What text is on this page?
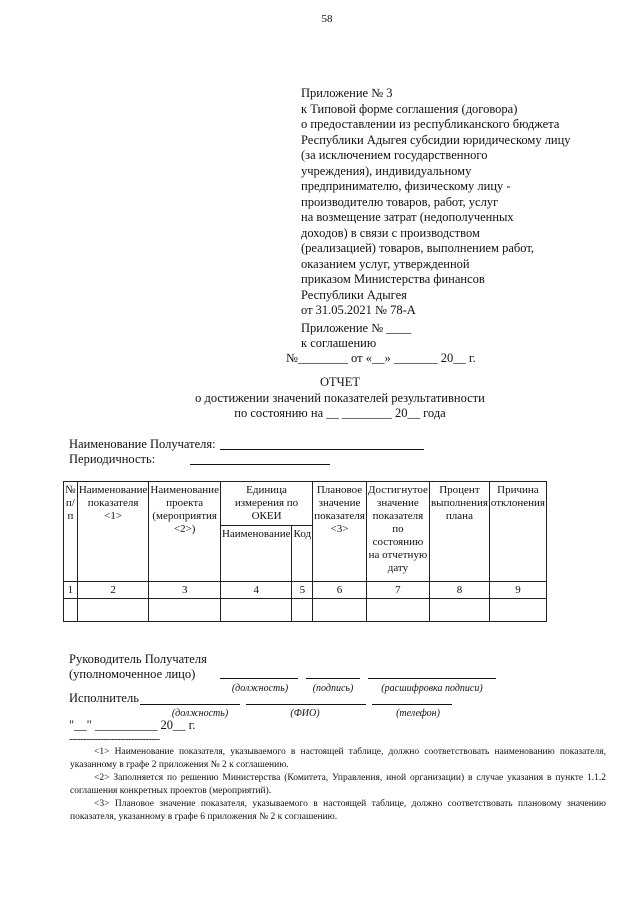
58
Приложение № 3
к Типовой форме соглашения (договора)
о предоставлении из республиканского бюджета
Республики Адыгея субсидии юридическому лицу
(за исключением государственного
учреждения), индивидуальному
предпринимателю, физическому лицу -
производителю товаров, работ, услуг
на возмещение затрат (недополученных
доходов) в связи с производством
(реализацией) товаров, выполнением работ,
оказанием услуг, утвержденной
приказом Министерства финансов
Республики Адыгея
от 31.05.2021 № 78-А
Приложение № ____
к соглашению
№________ от «__» _______ 20__ г.
ОТЧЕТ
о достижении значений показателей результативности
по состоянию на __ ________ 20__ года
Наименование Получателя:
Периодичность:
№ п/п	Наименование показателя <1>	Наименование проекта (мероприятия <2>)	Единица измерения по ОКЕИ		Плановое значение показателя <3>	Достигнутое значение показателя по состоянию на отчетную дату	Процент выполнения плана	Причина отклонения
			Наименование	Код				
1	2	3	4	5	6	7	8	9

Руководитель Получателя
(уполномоченное лицо)
(должность)	(подпись)	(расшифровка подписи)
Исполнитель
(должность)	(ФИО)	(телефон)
"__" __________ 20__ г.
--------------------------------
<1> Наименование показателя, указываемого в настоящей таблице, должно соответствовать наименованию показателя, указанному в графе 2 приложения № 2 к соглашению.
<2> Заполняется по решению Министерства (Комитета, Управления, иной организации) в случае указания в пункте 1.1.2 соглашения конкретных проектов (мероприятий).
<3> Плановое значение показателя, указываемого в настоящей таблице, должно соответствовать плановому значению показателя, указанному в графе 6 приложения № 2 к соглашению.
